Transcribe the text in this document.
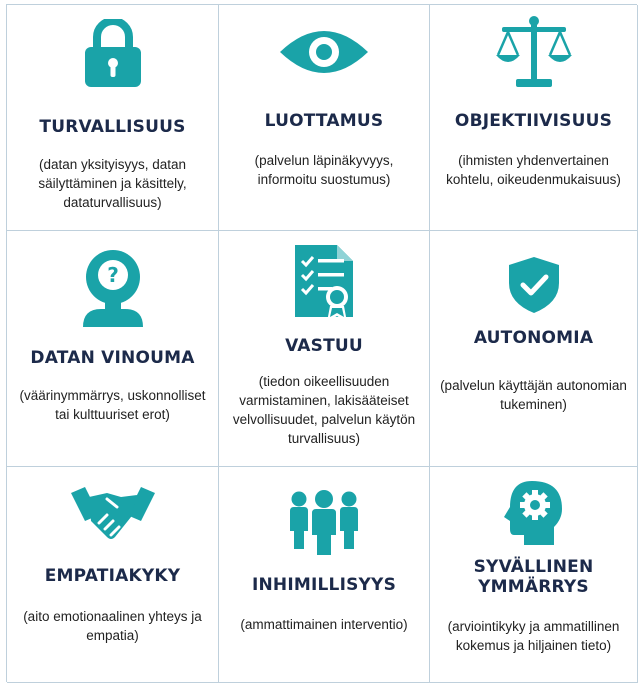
TURVALLISUUS
(datan yksityisyys, datan säilyttäminen ja käsittely, dataturvallisuus)
LUOTTAMUS
(palvelun läpinäkyvyys, informoitu suostumus)
OBJEKTIIVISUUS
(ihmisten yhdenvertainen kohtelu, oikeudenmukaisuus)
?
DATAN VINOUMA
(väärinymmärrys, uskonnolliset tai kulttuuriset erot)
VASTUU
(tiedon oikeellisuuden varmistaminen, lakisääteiset velvollisuudet, palvelun käytön turvallisuus)
AUTONOMIA
(palvelun käyttäjän autonomian tukeminen)
EMPATIAKYKY
(aito emotionaalinen yhteys ja empatia)
INHIMILLISYYS
(ammattimainen interventio)
SYVÄLLINEN YMMÄRRYS
(arviointikyky ja ammatillinen kokemus ja hiljainen tieto)
